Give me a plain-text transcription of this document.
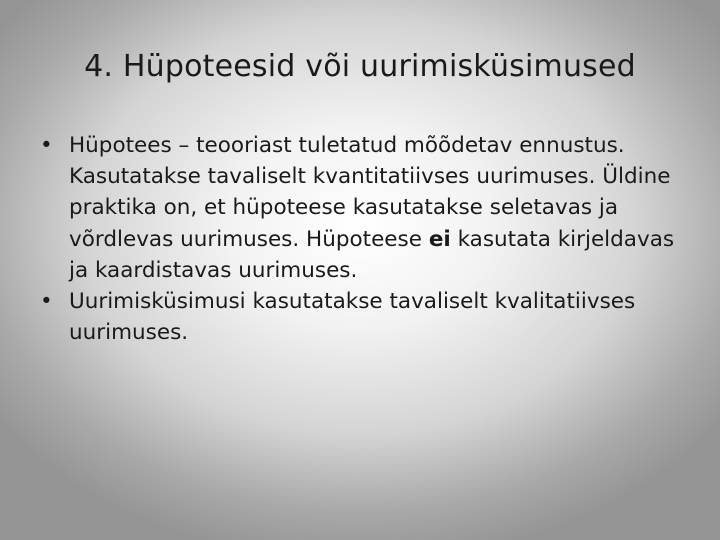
4. Hüpoteesid või uurimisküsimused
• Hüpotees – teooriast tuletatud mõõdetav ennustus. Kasutatakse tavaliselt kvantitatiivses uurimuses. Üldine praktika on, et hüpoteese kasutatakse seletavas ja võrdlevas uurimuses. Hüpoteese ei kasutata kirjeldavas ja kaardistavas uurimuses.
• Uurimisküsimusi kasutatakse tavaliselt kvalitatiivses uurimuses.
